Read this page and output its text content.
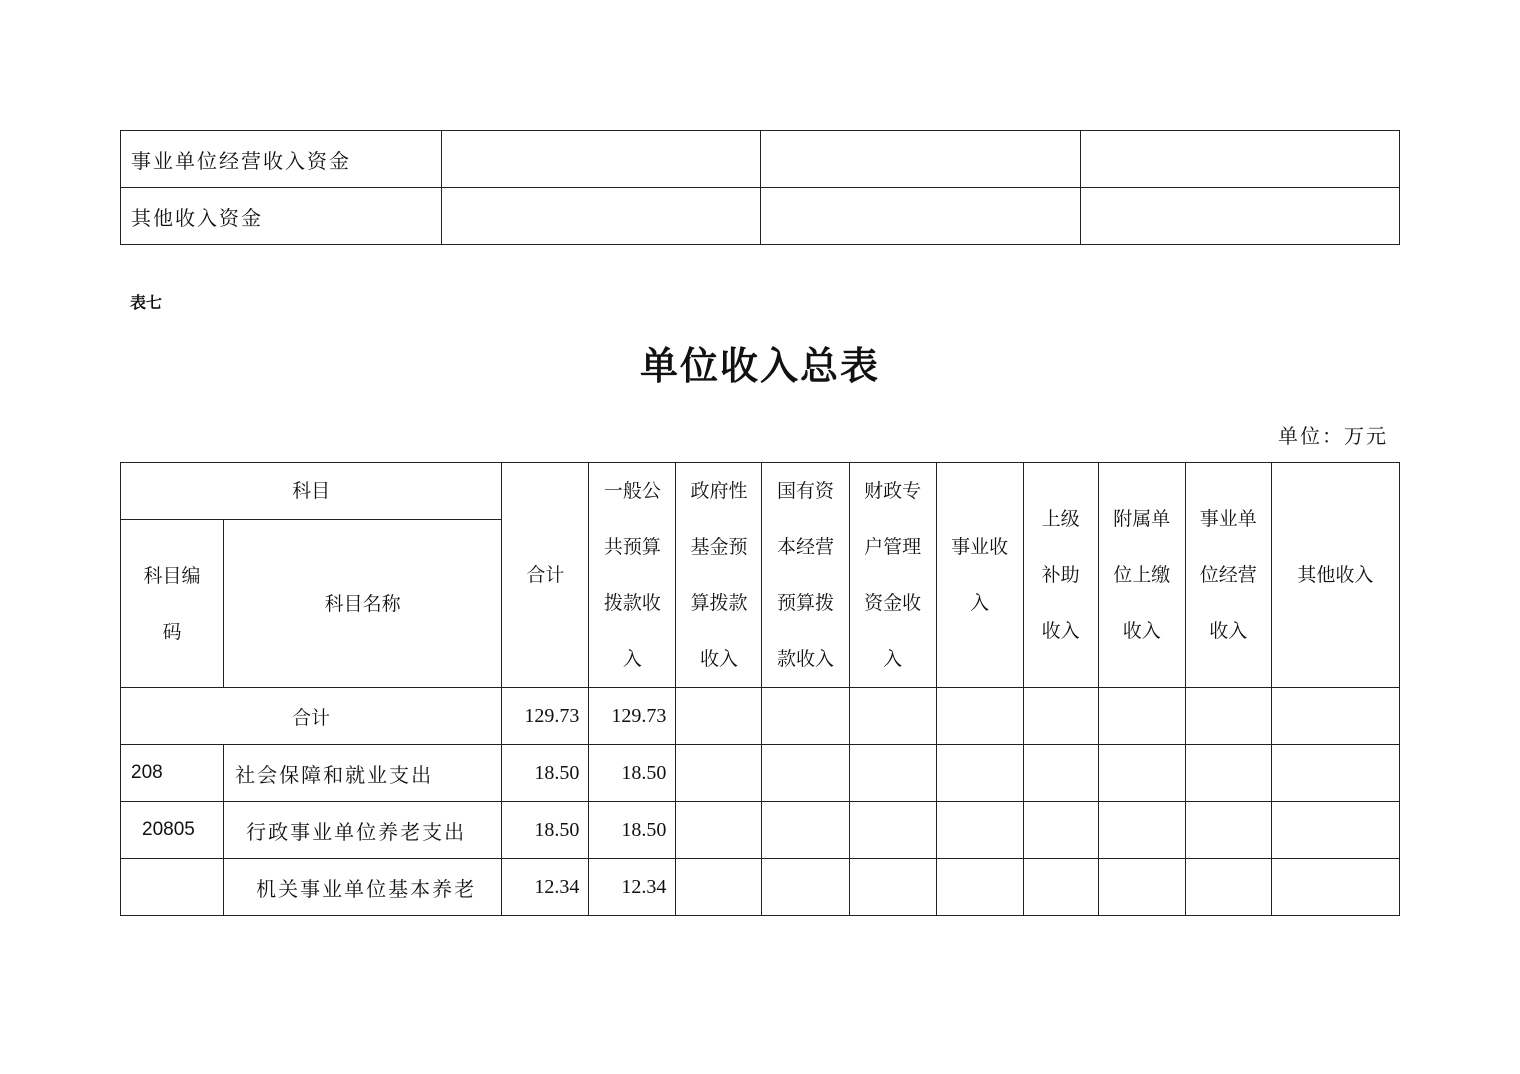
事业单位经营收入资金			
其他收入资金			
表七
单位收入总表
单位：万元
科目		合计	一般公共预算拨款收入	政府性基金预算拨款收入	国有资本经营预算拨款收入	财政专户管理资金收入	事业收入	上级补助收入	附属单位上缴收入	事业单位经营收入	其他收入
科目编码	科目名称										
合计		129.73	129.73								
208	社会保障和就业支出	18.50	18.50								
20805	行政事业单位养老支出	18.50	18.50								
	机关事业单位基本养老	12.34	12.34								
